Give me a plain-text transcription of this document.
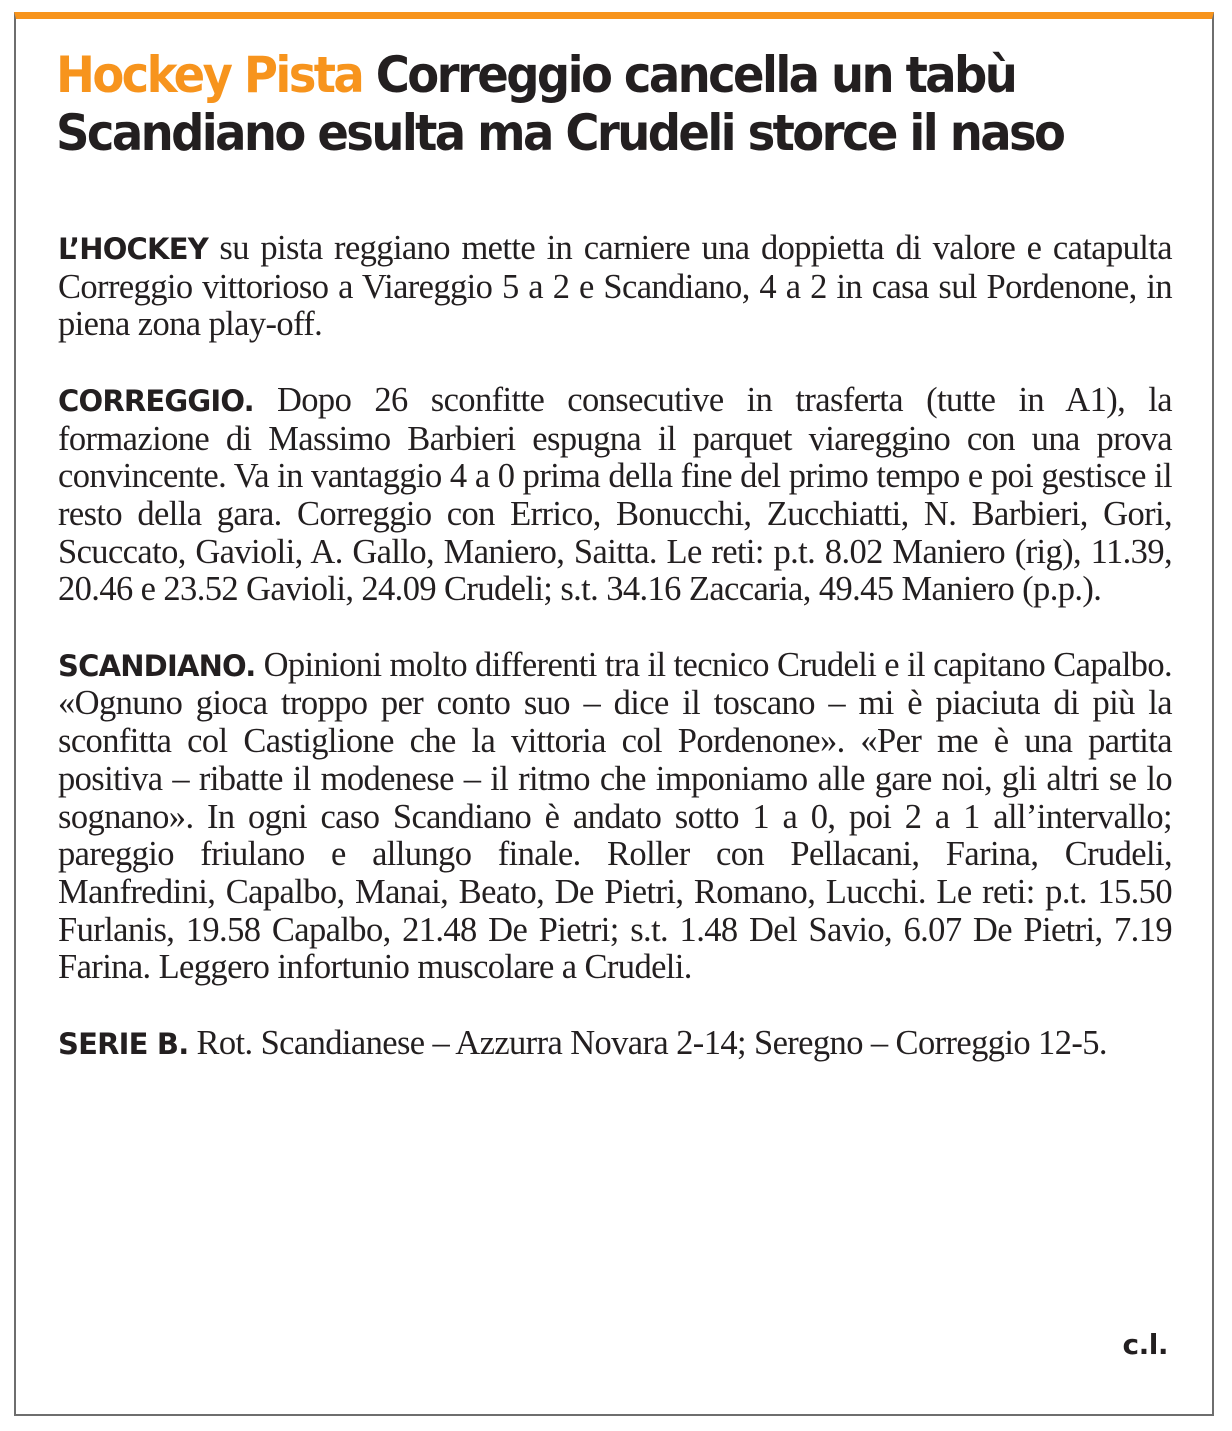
Hockey Pista Correggio cancella un tabù
Scandiano esulta ma Crudeli storce il naso

L’HOCKEY su pista reggiano mette in carniere una doppietta di valore e catapulta Correggio vittorioso a Viareggio 5 a 2 e Scandiano, 4 a 2 in casa sul Pordenone, in piena zona play-off.

CORREGGIO. Dopo 26 sconfitte consecutive in trasferta (tutte in A1), la formazione di Massimo Barbieri espugna il parquet viareggino con una prova convincente. Va in vantaggio 4 a 0 prima della fine del primo tempo e poi gestisce il resto della gara. Correggio con Errico, Bonucchi, Zucchiatti, N. Barbieri, Gori, Scuccato, Gavioli, A. Gallo, Maniero, Saitta. Le reti: p.t. 8.02 Maniero (rig), 11.39, 20.46 e 23.52 Gavioli, 24.09 Crudeli; s.t. 34.16 Zaccaria, 49.45 Maniero (p.p.).

SCANDIANO. Opinioni molto differenti tra il tecnico Crudeli e il capitano Capalbo. «Ognuno gioca troppo per conto suo – dice il toscano – mi è piaciuta di più la sconfitta col Castiglione che la vittoria col Pordenone». «Per me è una partita positiva – ribatte il modenese – il ritmo che imponiamo alle gare noi, gli altri se lo sognano». In ogni caso Scandiano è andato sotto 1 a 0, poi 2 a 1 all’intervallo; pareggio friulano e allungo finale. Roller con Pellacani, Farina, Crudeli, Manfredini, Capalbo, Manai, Beato, De Pietri, Romano, Lucchi. Le reti: p.t. 15.50 Furlanis, 19.58 Capalbo, 21.48 De Pietri; s.t. 1.48 Del Savio, 6.07 De Pietri, 7.19 Farina. Leggero infortunio muscolare a Crudeli.

SERIE B. Rot. Scandianese – Azzurra Novara 2-14; Seregno – Correggio 12-5.

c.l.
